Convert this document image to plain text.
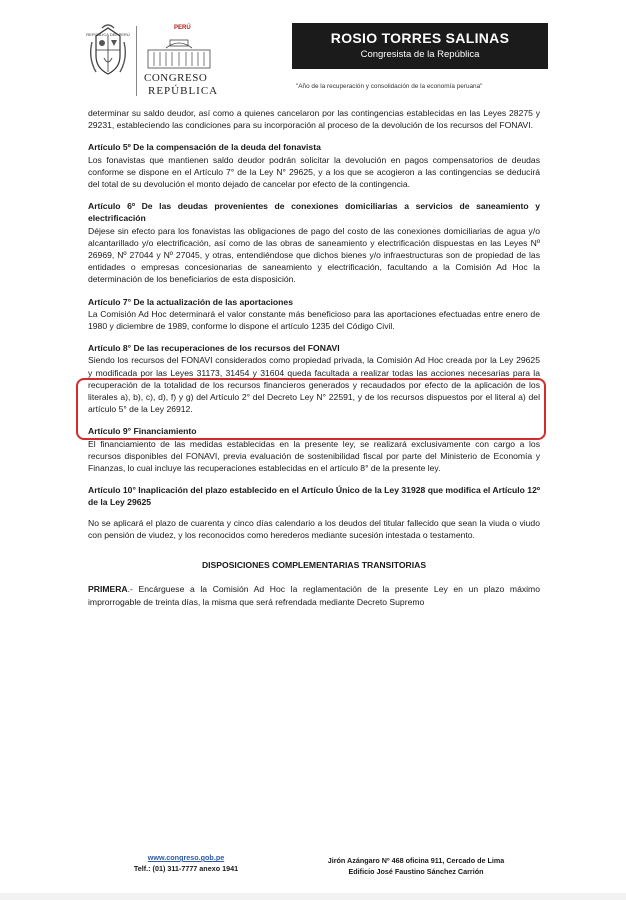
REPÚBLICA DEL PERÚ
PERÚ
CONGRESO
REPÚBLICA
ROSIO TORRES SALINAS
Congresista de la República
"Año de la recuperación y consolidación de la economía peruana"

determinar su saldo deudor, así como a quienes cancelaron por las contingencias establecidas en las Leyes 28275 y 29231, estableciendo las condiciones para su incorporación al proceso de la devolución de los recursos del FONAVI.

Artículo 5º De la compensación de la deuda del fonavista

Los fonavistas que mantienen saldo deudor podrán solicitar la devolución en pagos compensatorios de deudas conforme se dispone en el Artículo 7° de la Ley N° 29625, y a los que se acogieron a las contingencias se deducirá del total de su devolución el monto dejado de cancelar por efecto de la contingencia.

Artículo 6º De las deudas provenientes de conexiones domiciliarias a servicios de saneamiento y electrificación

Déjese sin efecto para los fonavistas las obligaciones de pago del costo de las conexiones domiciliarias de agua y/o alcantarillado y/o electrificación, así como de las obras de saneamiento y electrificación dispuestas en las Leyes Nº 26969, Nº 27044 y Nº 27045, y otras, entendiéndose que dichos bienes y/o infraestructuras son de propiedad de las entidades o empresas concesionarias de saneamiento y electrificación, facultando a la Comisión Ad Hoc la determinación de los beneficiarios de esta disposición.

Artículo 7° De la actualización de las aportaciones

La Comisión Ad Hoc determinará el valor constante más beneficioso para las aportaciones efectuadas entre enero de 1980 y diciembre de 1989, conforme lo dispone el artículo 1235 del Código Civil.

Artículo 8° De las recuperaciones de los recursos del FONAVI

Siendo los recursos del FONAVI considerados como propiedad privada, la Comisión Ad Hoc creada por la Ley 29625 y modificada por las Leyes 31173, 31454 y 31604 queda facultada a realizar todas las acciones necesarias para la recuperación de la totalidad de los recursos financieros generados y recaudados por efecto de la aplicación de los literales a), b), c), d), f) y g) del Artículo 2° del Decreto Ley N° 22591, y de los recursos dispuestos por el literal a) del artículo 5° de la Ley 26912.

Artículo 9° Financiamiento

El financiamiento de las medidas establecidas en la presente ley, se realizará exclusivamente con cargo a los recursos disponibles del FONAVI, previa evaluación de sostenibilidad fiscal por parte del Ministerio de Economía y Finanzas, lo cual incluye las recuperaciones establecidas en el artículo 8° de la presente ley.

Artículo 10° Inaplicación del plazo establecido en el Artículo Único de la Ley 31928 que modifica el Artículo 12º de la Ley 29625

No se aplicará el plazo de cuarenta y cinco días calendario a los deudos del titular fallecido que sean la viuda o viudo con pensión de viudez, y los reconocidos como herederos mediante sucesión intestada o testamento.

DISPOSICIONES COMPLEMENTARIAS TRANSITORIAS

PRIMERA.- Encárguese a la Comisión Ad Hoc la reglamentación de la presente Ley en un plazo máximo improrrogable de treinta días, la misma que será refrendada mediante Decreto Supremo

www.congreso.gob.pe
Telf.: (01) 311-7777 anexo 1941
Jirón Azángaro Nº 468 oficina 911, Cercado de Lima
Edificio José Faustino Sánchez Carrión
